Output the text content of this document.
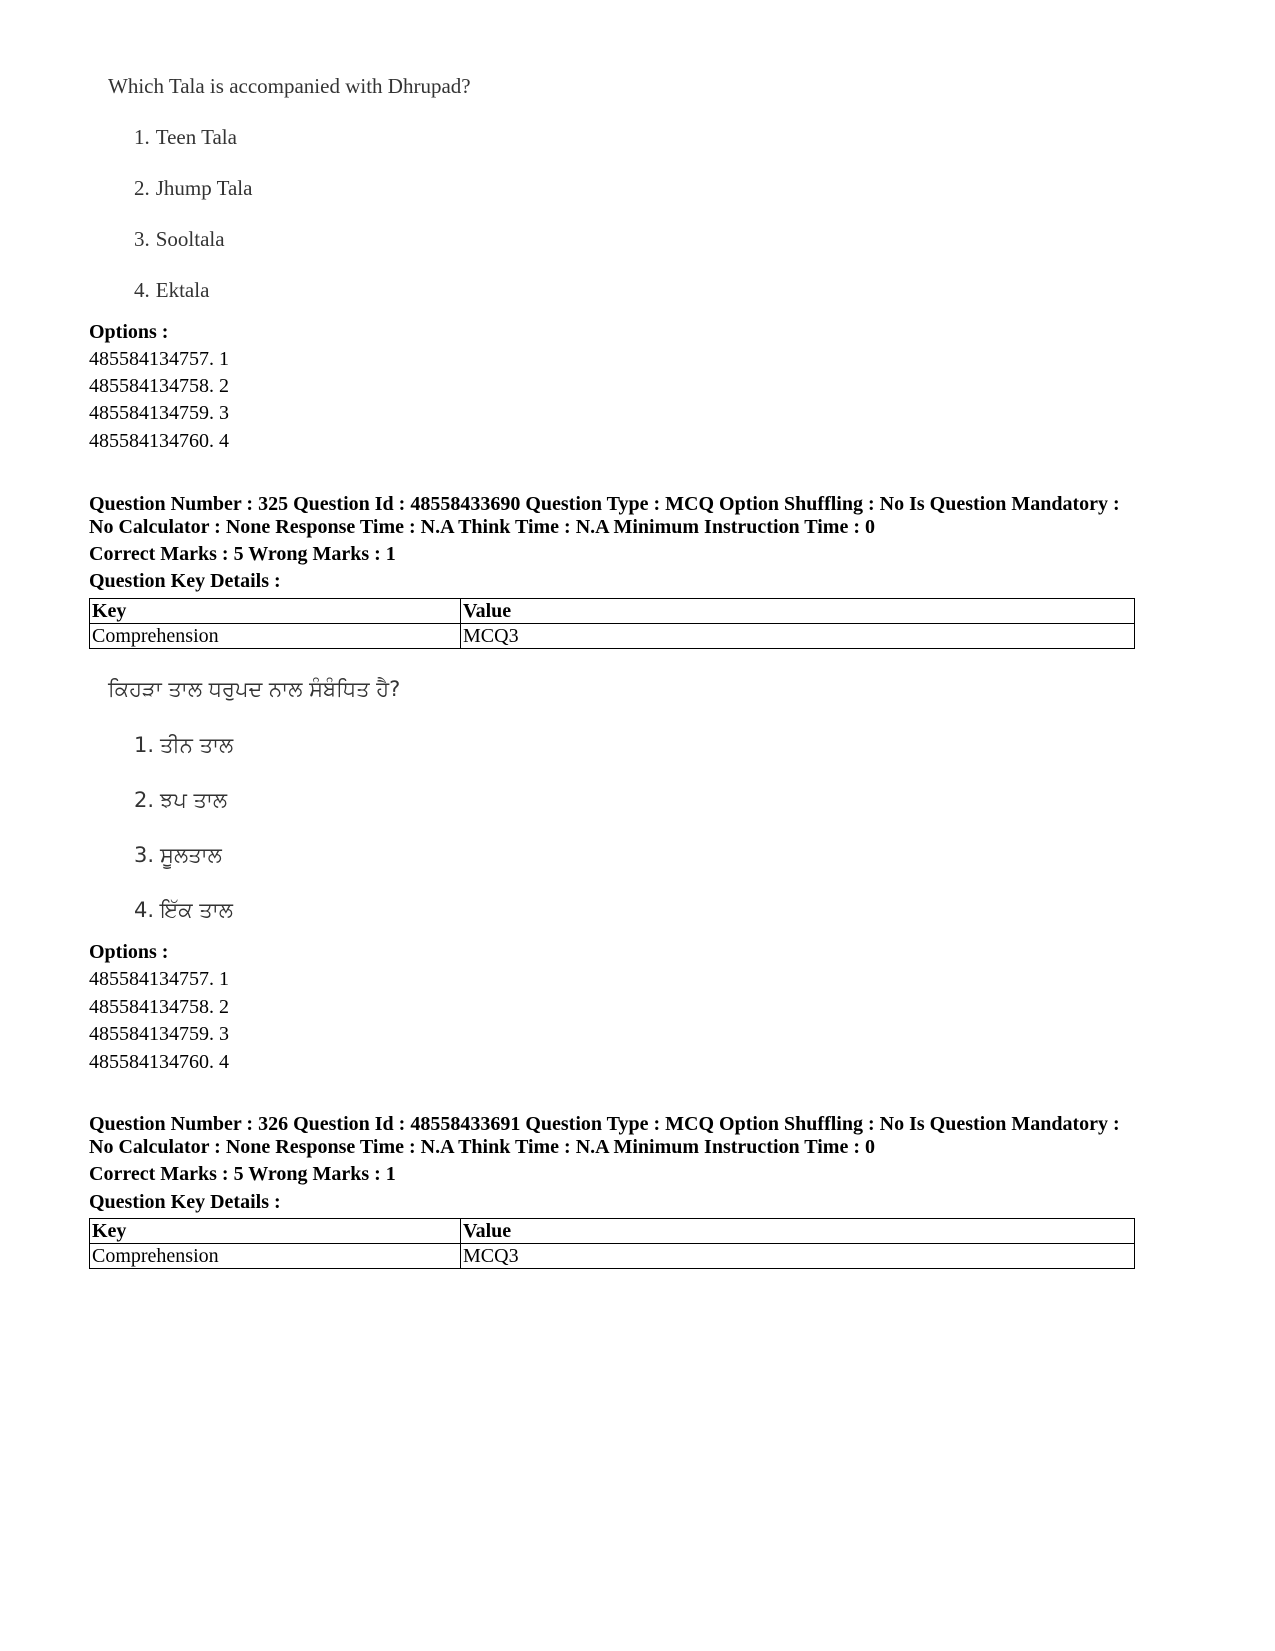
Which Tala is accompanied with Dhrupad?
1. Teen Tala
2. Jhump Tala
3. Sooltala
4. Ektala
Options :
485584134757. 1
485584134758. 2
485584134759. 3
485584134760. 4
Question Number : 325 Question Id : 48558433690 Question Type : MCQ Option Shuffling : No Is Question Mandatory :
No Calculator : None Response Time : N.A Think Time : N.A Minimum Instruction Time : 0
Correct Marks : 5 Wrong Marks : 1
Question Key Details :
Key	Value
Comprehension	MCQ3
ਕਿਹੜਾ ਤਾਲ ਧਰੁਪਦ ਨਾਲ ਸੰਬੰਧਿਤ ਹੈ?
1. ਤੀਨ ਤਾਲ
2. ਝਪ ਤਾਲ
3. ਸੂਲਤਾਲ
4. ਇੱਕ ਤਾਲ
Options :
485584134757. 1
485584134758. 2
485584134759. 3
485584134760. 4
Question Number : 326 Question Id : 48558433691 Question Type : MCQ Option Shuffling : No Is Question Mandatory :
No Calculator : None Response Time : N.A Think Time : N.A Minimum Instruction Time : 0
Correct Marks : 5 Wrong Marks : 1
Question Key Details :
Key	Value
Comprehension	MCQ3
